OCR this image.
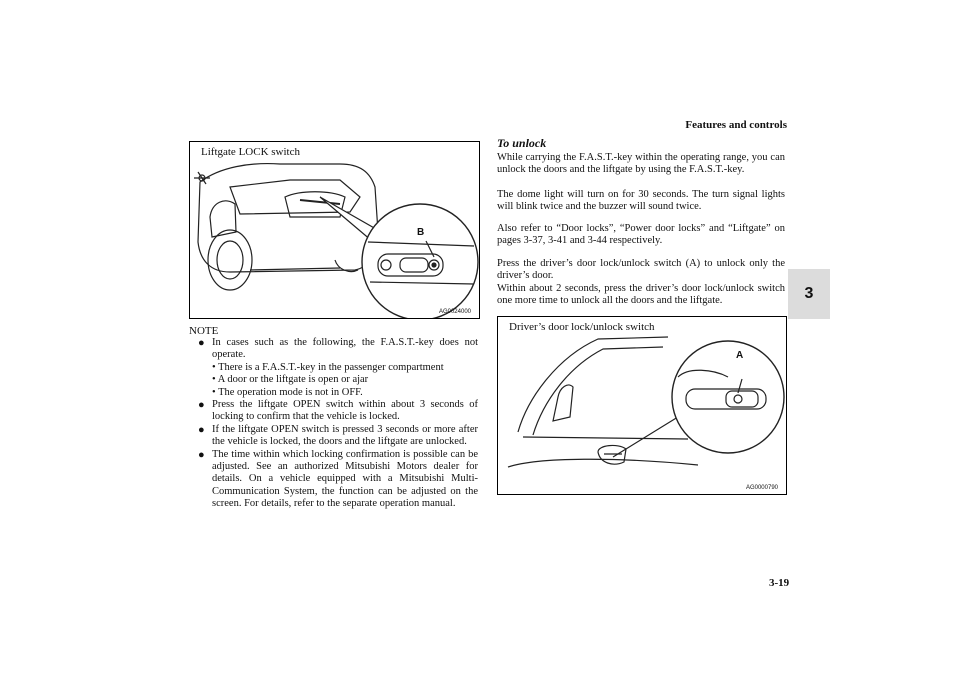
Features and controls
3
Liftgate LOCK switch
B
AG0024000
NOTE
● In cases such as the following, the F.A.S.T.-key does not operate.
• There is a F.A.S.T.-key in the passenger compartment
• A door or the liftgate is open or ajar
• The operation mode is not in OFF.
● Press the liftgate OPEN switch within about 3 seconds of locking to confirm that the vehicle is locked.
● If the liftgate OPEN switch is pressed 3 seconds or more after the vehicle is locked, the doors and the liftgate are unlocked.
● The time within which locking confirmation is possible can be adjusted. See an authorized Mitsubishi Motors dealer for details. On a vehicle equipped with a Mitsubishi Multi-Communication System, the function can be adjusted on the screen. For details, refer to the separate operation manual.
To unlock

While carrying the F.A.S.T.-key within the operating range, you can unlock the doors and the liftgate by using the F.A.S.T.-key.

The dome light will turn on for 30 seconds. The turn signal lights will blink twice and the buzzer will sound twice.

Also refer to “Door locks”, “Power door locks” and “Liftgate” on pages 3-37, 3-41 and 3-44 respectively.

Press the driver’s door lock/unlock switch (A) to unlock only the driver’s door.

Within about 2 seconds, press the driver’s door lock/unlock switch one more time to unlock all the doors and the liftgate.

Driver’s door lock/unlock switch
A
AG0000790
3-19
